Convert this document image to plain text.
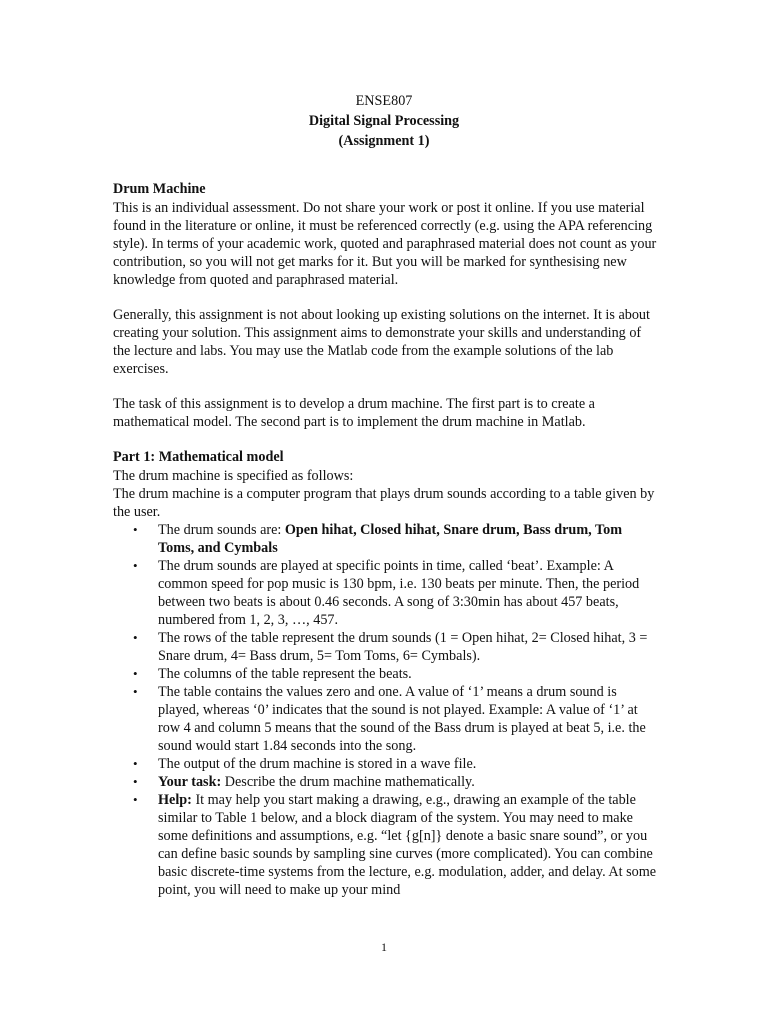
ENSE807
Digital Signal Processing
(Assignment 1)

Drum Machine

This is an individual assessment. Do not share your work or post it online. If you use material found in the literature or online, it must be referenced correctly (e.g. using the APA referencing style). In terms of your academic work, quoted and paraphrased material does not count as your contribution, so you will not get marks for it. But you will be marked for synthesising new knowledge from quoted and paraphrased material.

Generally, this assignment is not about looking up existing solutions on the internet. It is about creating your solution. This assignment aims to demonstrate your skills and understanding of the lecture and labs. You may use the Matlab code from the example solutions of the lab exercises.

The task of this assignment is to develop a drum machine. The first part is to create a mathematical model. The second part is to implement the drum machine in Matlab.

Part 1: Mathematical model

The drum machine is specified as follows:

The drum machine is a computer program that plays drum sounds according to a table given by the user.

• The drum sounds are: Open hihat, Closed hihat, Snare drum, Bass drum, Tom Toms, and Cymbals
• The drum sounds are played at specific points in time, called ‘beat’. Example: A common speed for pop music is 130 bpm, i.e. 130 beats per minute. Then, the period between two beats is about 0.46 seconds. A song of 3:30min has about 457 beats, numbered from 1, 2, 3, …, 457.
• The rows of the table represent the drum sounds (1 = Open hihat, 2= Closed hihat, 3 = Snare drum, 4= Bass drum, 5= Tom Toms, 6= Cymbals).
• The columns of the table represent the beats.
• The table contains the values zero and one. A value of ‘1’ means a drum sound is played, whereas ‘0’ indicates that the sound is not played. Example: A value of ‘1’ at row 4 and column 5 means that the sound of the Bass drum is played at beat 5, i.e. the sound would start 1.84 seconds into the song.
• The output of the drum machine is stored in a wave file.
• Your task: Describe the drum machine mathematically.
• Help: It may help you start making a drawing, e.g., drawing an example of the table similar to Table 1 below, and a block diagram of the system. You may need to make some definitions and assumptions, e.g. “let {g[n]} denote a basic snare sound”, or you can define basic sounds by sampling sine curves (more complicated). You can combine basic discrete-time systems from the lecture, e.g. modulation, adder, and delay. At some point, you will need to make up your mind
1
